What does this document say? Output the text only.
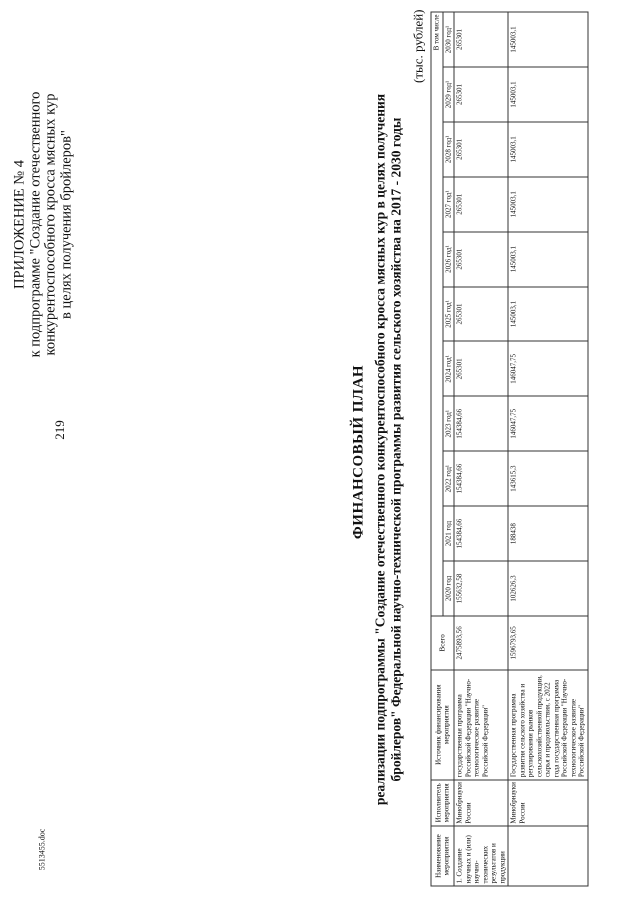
219
5513455.doc
ПРИЛОЖЕНИЕ № 4 к подпрограмме "Создание отечественного конкурентоспособного кросса мясных кур в целях получения бройлеров"
ФИНАНСОВЫЙ ПЛАН реализации подпрограммы "Создание отечественного конкурентоспособного кросса мясных кур в целях получения бройлеров" Федеральной научно-технической программы развития сельского хозяйства на 2017 - 2030 годы
(тыс. рублей)
Наименование мероприятия	Исполнитель мероприятия	Источник финансирования мероприятия	Всего	В том числе										
				2020 год	2021 год	2022 год¹	2023 год¹	2024 год¹	2025 год¹	2026 год¹	2027 год¹	2028 год¹	2029 год¹	2030 год¹
1. Создание научных и (или) научно-технических результатов и продукции	Минобрнауки России	государственная программа Российской Федерации "Научно-технологическое развитие Российской Федерации"	2475893,56	155632,58	154384,66	154384,66	154384,66	265301	265301	265301	265301	265301	265301	265301
	Минобрнауки России	Государственная программа развития сельского хозяйства и регулирования рынков сельскохозяйственной продукции, сырья и продовольствия, с 2022 года государственная программа Российской Федерации "Научно-технологическое развитие Российской Федерации"	1596793,65	102626,3	188438	143615,3	146047,75	146047,75	145003,1	145003,1	145003,1	145003,1	145003,1	145003,1
